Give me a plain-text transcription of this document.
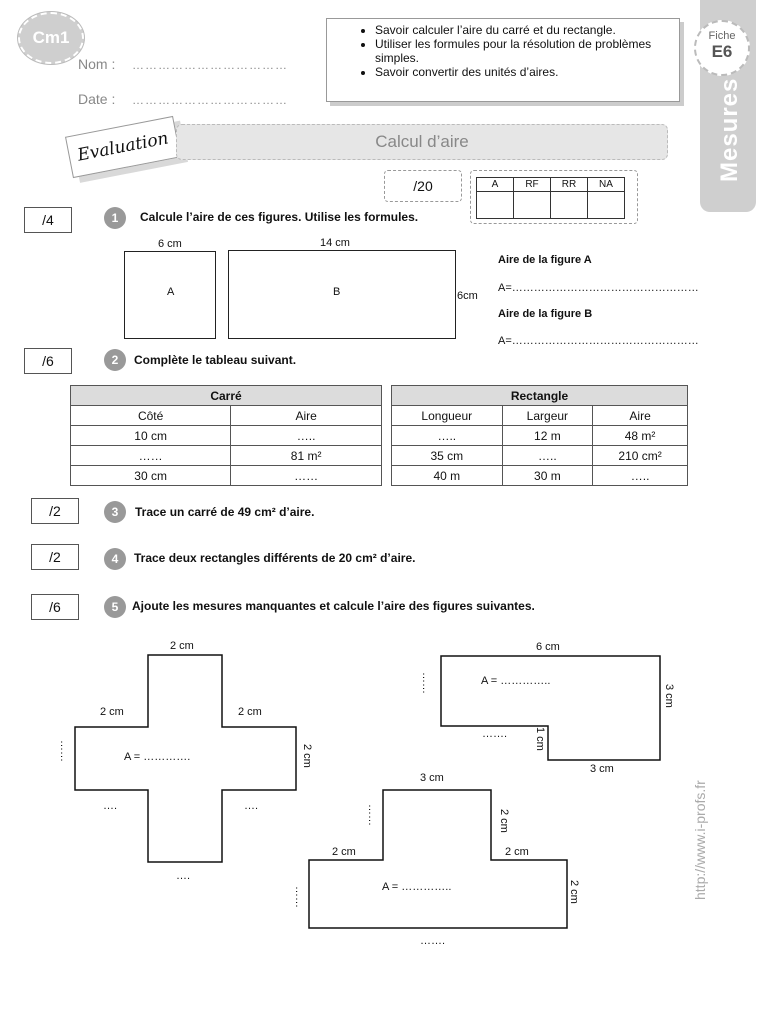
Cm1
Nom : ………………………………
Date : ………………………………
• Savoir calculer l’aire du carré et du rectangle.
• Utiliser les formules pour la résolution de problèmes simples.
• Savoir convertir des unités d’aires.
Fiche
E6
Mesures
Evaluation	Calcul d’aire
/20	A	RF	RR	NA

/4	1	Calcule l’aire de ces figures. Utilise les formules.
6 cm
A
14 cm
B	6cm
Aire de la figure A
A=……………………………………………
Aire de la figure B
A=……………………………………………
/6	2	Complète le tableau suivant.
Carré	
Côté	Aire
10 cm	…..
……	81 m²
30 cm	……
Rectangle		
Longueur	Largeur	Aire
…..	12 m	48 m²
35 cm	…..	210 cm²
40 m	30 m	…..
/2	3	Trace un carré de 49 cm² d’aire.
/2	4	Trace deux rectangles différents de 20 cm² d’aire.
/6	5	Ajoute les mesures manquantes et calcule l’aire des figures suivantes.
2 cm
2 cm	2 cm
2 cm
……	A = ………….
….	….
….
6 cm
3 cm
1 cm
3 cm
……
…….
A = …………..
3 cm
2 cm
……
2 cm	2 cm
2 cm
……	A = …………..
…….
http://www.i-profs.fr
